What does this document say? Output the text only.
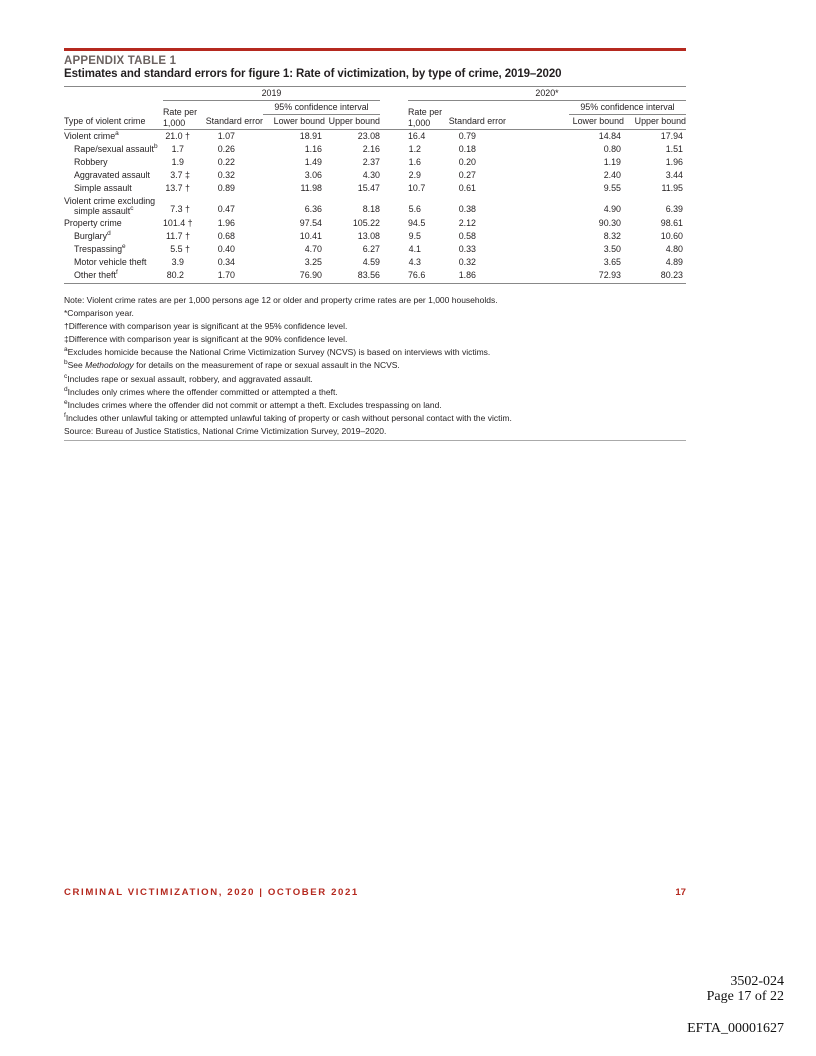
APPENDIX TABLE 1
Estimates and standard errors for figure 1: Rate of victimization, by type of crime, 2019–2020
	2019					2020*				
Type of violent crime	Rate per
1,000	Standard error	95% confidence interval			Rate per
1,000	Standard error		95% confidence interval	
			Lower bound	Upper bound					Lower bound	Upper bound
Violent crime$^a$	21.0 †	1.07	18.91	23.08		16.4	0.79		14.84	17.94
Rape/sexual assault$^b$	1.7	0.26	1.16	2.16		1.2	0.18		0.80	1.51
Robbery	1.9	0.22	1.49	2.37		1.6	0.20		1.19	1.96
Aggravated assault	3.7 ‡	0.32	3.06	4.30		2.9	0.27		2.40	3.44
Simple assault	13.7 †	0.89	11.98	15.47		10.7	0.61		9.55	11.95
Violent crime excluding
simple assault$^c$	7.3 †	0.47	6.36	8.18		5.6	0.38		4.90	6.39
Property crime	101.4 †	1.96	97.54	105.22		94.5	2.12		90.30	98.61
Burglary$^d$	11.7 †	0.68	10.41	13.08		9.5	0.58		8.32	10.60
Trespassing$^e$	5.5 †	0.40	4.70	6.27		4.1	0.33		3.50	4.80
Motor vehicle theft	3.9	0.34	3.25	4.59		4.3	0.32		3.65	4.89
Other theft$^f$	80.2	1.70	76.90	83.56		76.6	1.86		72.93	80.23
Note: Violent crime rates are per 1,000 persons age 12 or older and property crime rates are per 1,000 households.
*Comparison year.
†Difference with comparison year is significant at the 95% confidence level.
‡Difference with comparison year is significant at the 90% confidence level.
$^a$Excludes homicide because the National Crime Victimization Survey (NCVS) is based on interviews with victims.
$^b$See Methodology for details on the measurement of rape or sexual assault in the NCVS.
$^c$Includes rape or sexual assault, robbery, and aggravated assault.
$^d$Includes only crimes where the offender committed or attempted a theft.
$^e$Includes crimes where the offender did not commit or attempt a theft. Excludes trespassing on land.
$^f$Includes other unlawful taking or attempted unlawful taking of property or cash without personal contact with the victim.
Source: Bureau of Justice Statistics, National Crime Victimization Survey, 2019–2020.
CRIMINAL VICTIMIZATION, 2020 | OCTOBER 2021	17
3502-024
Page 17 of 22
EFTA_00001627
